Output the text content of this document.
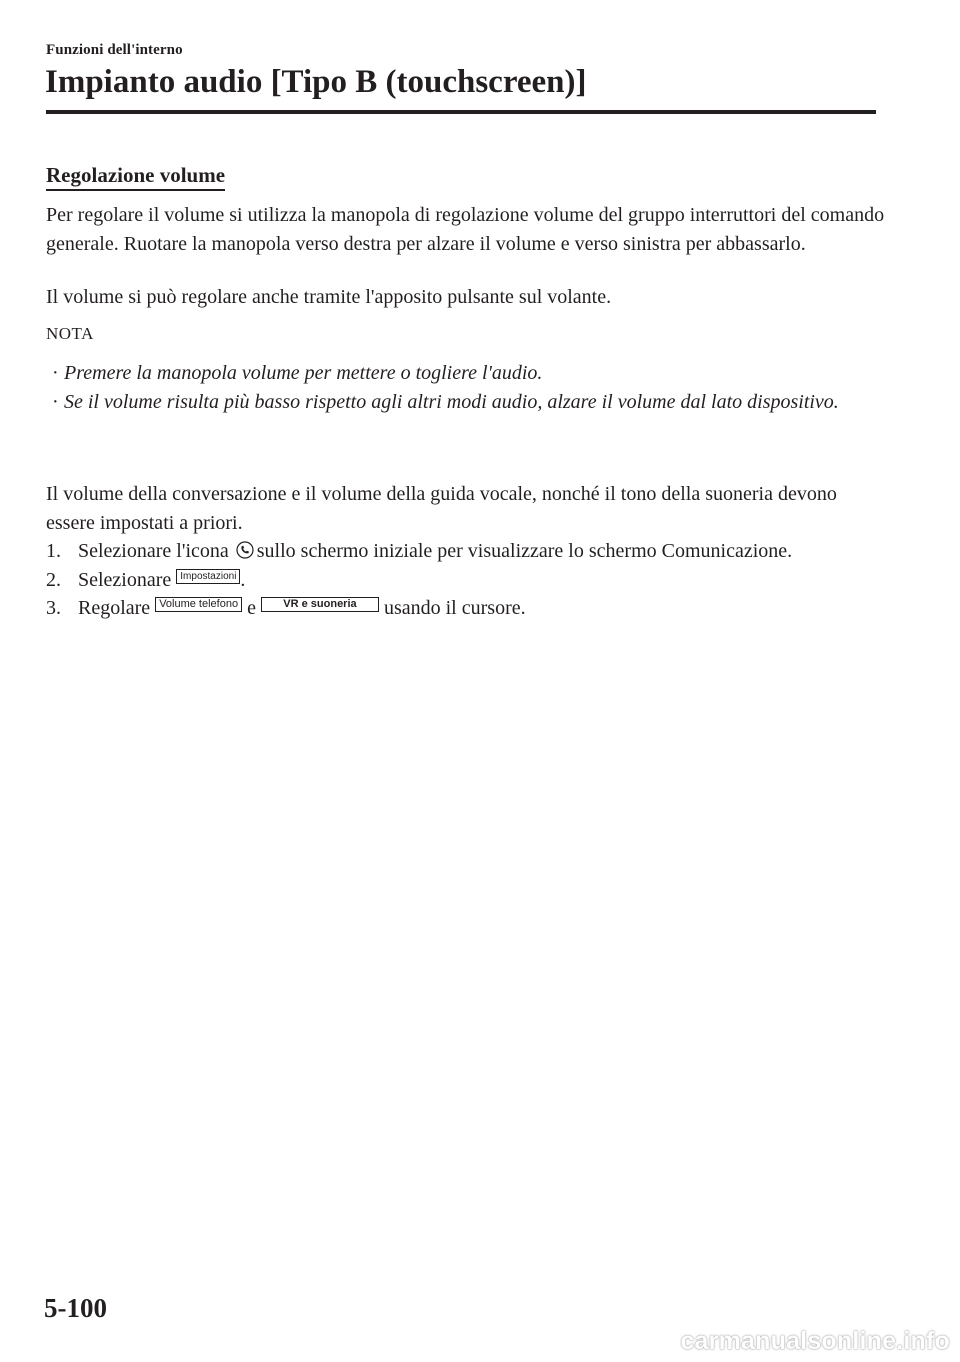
Funzioni dell'interno
Impianto audio [Tipo B (touchscreen)]
Regolazione volume

Per regolare il volume si utilizza la manopola di regolazione volume del gruppo interruttori del comando generale. Ruotare la manopola verso destra per alzare il volume e verso sinistra per abbassarlo.

Il volume si può regolare anche tramite l'apposito pulsante sul volante.

NOTA
· Premere la manopola volume per mettere o togliere l'audio.
· Se il volume risulta più basso rispetto agli altri modi audio, alzare il volume dal lato dispositivo.

Il volume della conversazione e il volume della guida vocale, nonché il tono della suoneria devono essere impostati a priori.

1. Selezionare l'icona sullo schermo iniziale per visualizzare lo schermo Comunicazione.
2. Selezionare Impostazioni .
3. Regolare Volume telefono e VR e suoneria usando il cursore.
5-100
carmanualsonline.info
